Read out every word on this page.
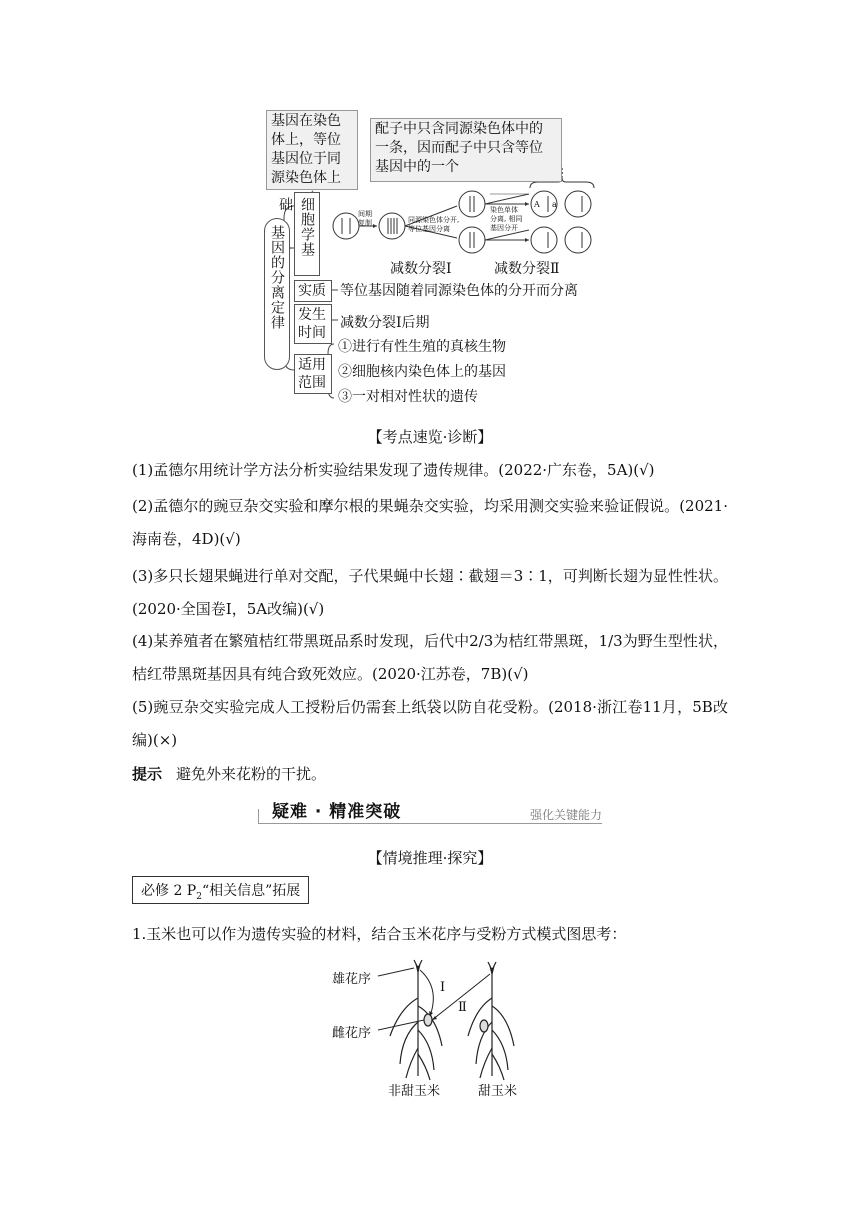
基因在染色
体上，等位
基因位于同
源染色体上
配子中只含同源染色体中的
一条，因而配子中只含等位
基因中的一个
基因的分离定律	细胞学基础
间期
复制	同源染色体分开,
等位基因分离
染色单体
分离, 相同
基因分开
A a
减数分裂Ⅰ	减数分裂Ⅱ
实质	等位基因随着同源染色体的分开而分离
发生时间
减数分裂Ⅰ后期
适用范围
①进行有性生殖的真核生物
②细胞核内染色体上的基因
③一对相对性状的遗传
【考点速览·诊断】
(1)孟德尔用统计学方法分析实验结果发现了遗传规律。(2022·广东卷，5A)(√)
(2)孟德尔的豌豆杂交实验和摩尔根的果蝇杂交实验，均采用测交实验来验证假说。(2021·海南卷，4D)(√)
(3)多只长翅果蝇进行单对交配，子代果蝇中长翅∶截翅＝3∶1，可判断长翅为显性性状。(2020·全国卷Ⅰ，5A改编)(√)
(4)某养殖者在繁殖桔红带黑斑品系时发现，后代中2/3为桔红带黑斑，1/3为野生型性状，桔红带黑斑基因具有纯合致死效应。(2020·江苏卷，7B)(√)
(5)豌豆杂交实验完成人工授粉后仍需套上纸袋以防自花受粉。(2018·浙江卷11月，5B改编)(×)
提示 避免外来花粉的干扰。
疑难 · 精准突破	强化关键能力
【情境推理·探究】
必修 2 $P_2“$相关信息”拓展
1.玉米也可以作为遗传实验的材料，结合玉米花序与受粉方式模式图思考：
雄花序
雌花序
Ⅰ
Ⅱ
非甜玉米	甜玉米
